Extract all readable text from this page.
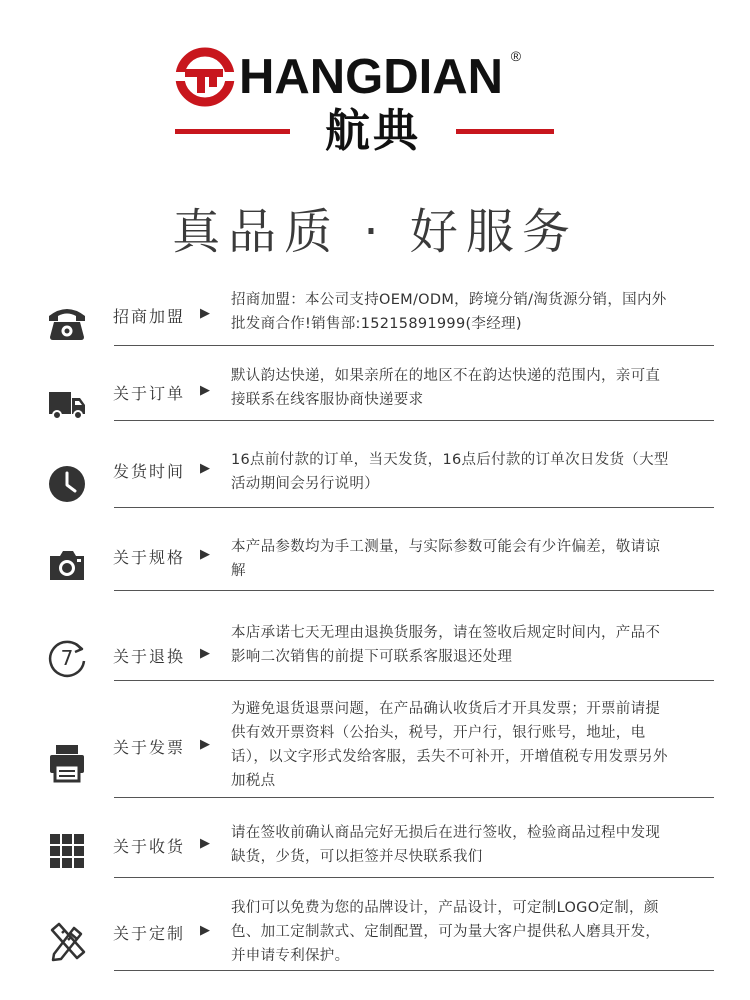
HANGDIAN ®
航典
真品质 · 好服务
招商加盟 ▶
招商加盟：本公司支持OEM/ODM，跨境分销/淘货源分销，国内外批发商合作!销售部:15215891999(李经理)
关于订单 ▶
默认韵达快递，如果亲所在的地区不在韵达快递的范围内，亲可直接联系在线客服协商快递要求
发货时间 ▶
16点前付款的订单，当天发货，16点后付款的订单次日发货（大型活动期间会另行说明）
关于规格 ▶ 本产品参数均为手工测量，与实际参数可能会有少许偏差，敬请谅解
7 关于退换 ▶
本店承诺七天无理由退换货服务，请在签收后规定时间内，产品不影响二次销售的前提下可联系客服退还处理
关于发票 ▶
为避免退货退票问题，在产品确认收货后才开具发票；开票前请提供有效开票资料（公抬头，税号，开户行，银行账号，地址，电话），以文字形式发给客服，丢失不可补开，开增值税专用发票另外加税点
关于收货 ▶
请在签收前确认商品完好无损后在进行签收，检验商品过程中发现缺货，少货，可以拒签并尽快联系我们
关于定制 ▶
我们可以免费为您的品牌设计，产品设计，可定制LOGO定制，颜色、加工定制款式、定制配置，可为量大客户提供私人磨具开发，并申请专利保护。
